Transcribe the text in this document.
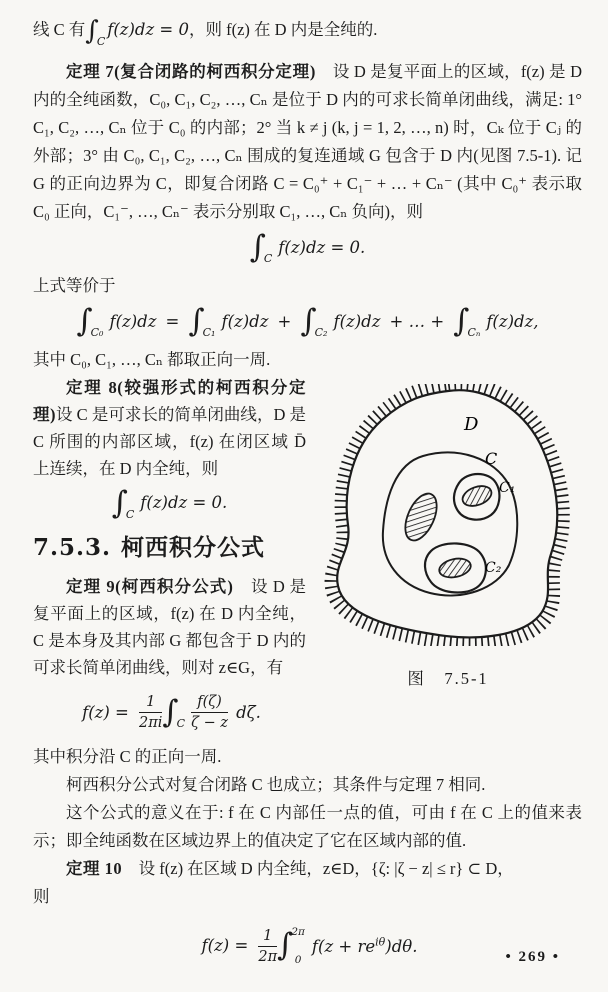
线 C 有$\int_Cf(z)dz = 0$，则 f(z) 在 D 内是全纯的.

定理 7(复合闭路的柯西积分定理)　设 D 是复平面上的区域，f(z) 是 D 内的全纯函数，C₀, C₁, C₂, …, Cₙ 是位于 D 内的可求长简单闭曲线，满足: 1° C₁, C₂, …, Cₙ 位于 C₀ 的内部；2° 当 k ≠ j (k, j = 1, 2, …, n) 时，Cₖ 位于 Cⱼ 的外部；3° 由 C₀, C₁, C₂, …, Cₙ 围成的复连通域 G 包含于 D 内(见图 7.5-1). 记 G 的正向边界为 C，即复合闭路 C = C₀⁺ + C₁⁻ + … + Cₙ⁻ (其中 C₀⁺ 表示取 C₀ 正向，C₁⁻, …, Cₙ⁻ 表示分别取 C₁, …, Cₙ 负向)，则

$\int_Cf(z)dz = 0$.

上式等价于

$\int_{C_0}f(z)dz = \int_{C_1}f(z)dz + \int_{C_2}f(z)dz$ + … + $\int_{C_n}f(z)dz$,

其中 C₀, C₁, …, Cₙ 都取正向一周.

D
C
C₁
C₂
图　7.5-1

定理 8(较强形式的柯西积分定理)设 C 是可求长的简单闭曲线，D 是 C 所围的内部区域，f(z) 在闭区域 D̄ 上连续，在 D 内全纯，则

$\int_Cf(z)dz = 0$.
7.5.3. 柯西积分公式

定理 9(柯西积分公式)　设 D 是复平面上的区域，f(z) 在 D 内全纯，C 是本身及其内部 G 都包含于 D 内的可求长简单闭曲线，则对 z∈G，有

$f(z) = \frac{1}{2\pi i} \int_C \frac{f(\zeta)}{\zeta - z} d\zeta$.

其中积分沿 C 的正向一周.

柯西积分公式对复合闭路 C 也成立；其条件与定理 7 相同.

这个公式的意义在于: f 在 C 内部任一点的值，可由 f 在 C 上的值来表示；即全纯函数在区域边界上的值决定了它在区域内部的值.

定理 10　设 f(z) 在区域 D 内全纯，z∈D，{ζ: |ζ − z| ≤ r} ⊂ D，

则

$f(z) = \frac{1}{2\pi}$ ∫
2π
0
$f(z + re^{i\theta})d\theta$.
• 269 •
